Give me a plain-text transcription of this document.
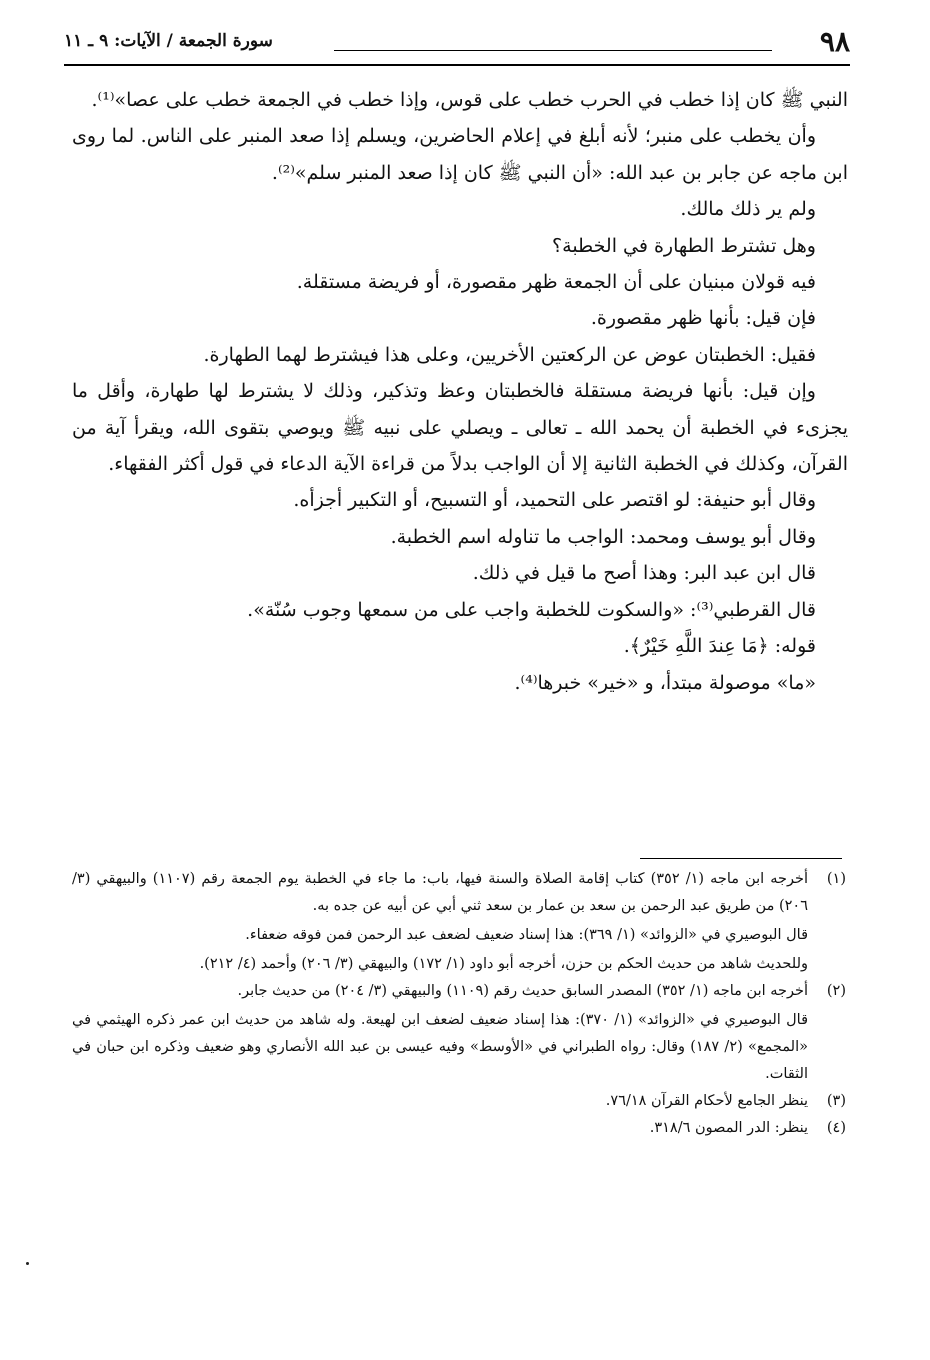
٩٨
سورة الجمعة / الآيات: ٩ ـ ١١

النبي ﷺ كان إذا خطب في الحرب خطب على قوس، وإذا خطب في الجمعة خطب على عصا»⁽¹⁾.

وأن يخطب على منبر؛ لأنه أبلغ في إعلام الحاضرين، ويسلم إذا صعد المنبر على الناس. لما روى ابن ماجه عن جابر بن عبد الله: «أن النبي ﷺ كان إذا صعد المنبر سلم»⁽²⁾.

ولم ير ذلك مالك.

وهل تشترط الطهارة في الخطبة؟

فيه قولان مبنيان على أن الجمعة ظهر مقصورة، أو فريضة مستقلة.

فإن قيل: بأنها ظهر مقصورة.

فقيل: الخطبتان عوض عن الركعتين الأخريين، وعلى هذا فيشترط لهما الطهارة.

وإن قيل: بأنها فريضة مستقلة فالخطبتان وعظ وتذكير، وذلك لا يشترط لها طهارة، وأقل ما يجزىء في الخطبة أن يحمد الله ـ تعالى ـ ويصلي على نبيه ﷺ ويوصي بتقوى الله، ويقرأ آية من القرآن، وكذلك في الخطبة الثانية إلا أن الواجب بدلاً من قراءة الآية الدعاء في قول أكثر الفقهاء.

وقال أبو حنيفة: لو اقتصر على التحميد، أو التسبيح، أو التكبير أجزأه.

وقال أبو يوسف ومحمد: الواجب ما تناوله اسم الخطبة.

قال ابن عبد البر: وهذا أصح ما قيل في ذلك.

قال القرطبي⁽³⁾: «والسكوت للخطبة واجب على من سمعها وجوب سُنّة».

قوله: ﴿مَا عِندَ اللَّهِ خَيْرٌ﴾.

«ما» موصولة مبتدأ، و «خير» خبرها⁽⁴⁾.

(١)
أخرجه ابن ماجه (١/ ٣٥٢) كتاب إقامة الصلاة والسنة فيها، باب: ما جاء في الخطبة يوم الجمعة رقم (١١٠٧) والبيهقي (٣/ ٢٠٦) من طريق عبد الرحمن بن سعد بن عمار بن سعد ثني أبي عن أبيه عن جده به.

قال البوصيري في «الزوائد» (١/ ٣٦٩): هذا إسناد ضعيف لضعف عبد الرحمن فمن فوقه ضعفاء.

وللحديث شاهد من حديث الحكم بن حزن، أخرجه أبو داود (١/ ١٧٢) والبيهقي (٣/ ٢٠٦) وأحمد (٤/ ٢١٢).

(٢)
أخرجه ابن ماجه (١/ ٣٥٢) المصدر السابق حديث رقم (١١٠٩) والبيهقي (٣/ ٢٠٤) من حديث جابر.

قال البوصيري في «الزوائد» (١/ ٣٧٠): هذا إسناد ضعيف لضعف ابن لهيعة. وله شاهد من حديث ابن عمر ذكره الهيثمي في «المجمع» (٢/ ١٨٧) وقال: رواه الطبراني في «الأوسط» وفيه عيسى بن عبد الله الأنصاري وهو ضعيف وذكره ابن حبان في الثقات.

(٣)
ينظر الجامع لأحكام القرآن ٧٦/١٨.

(٤)
ينظر: الدر المصون ٣١٨/٦.
